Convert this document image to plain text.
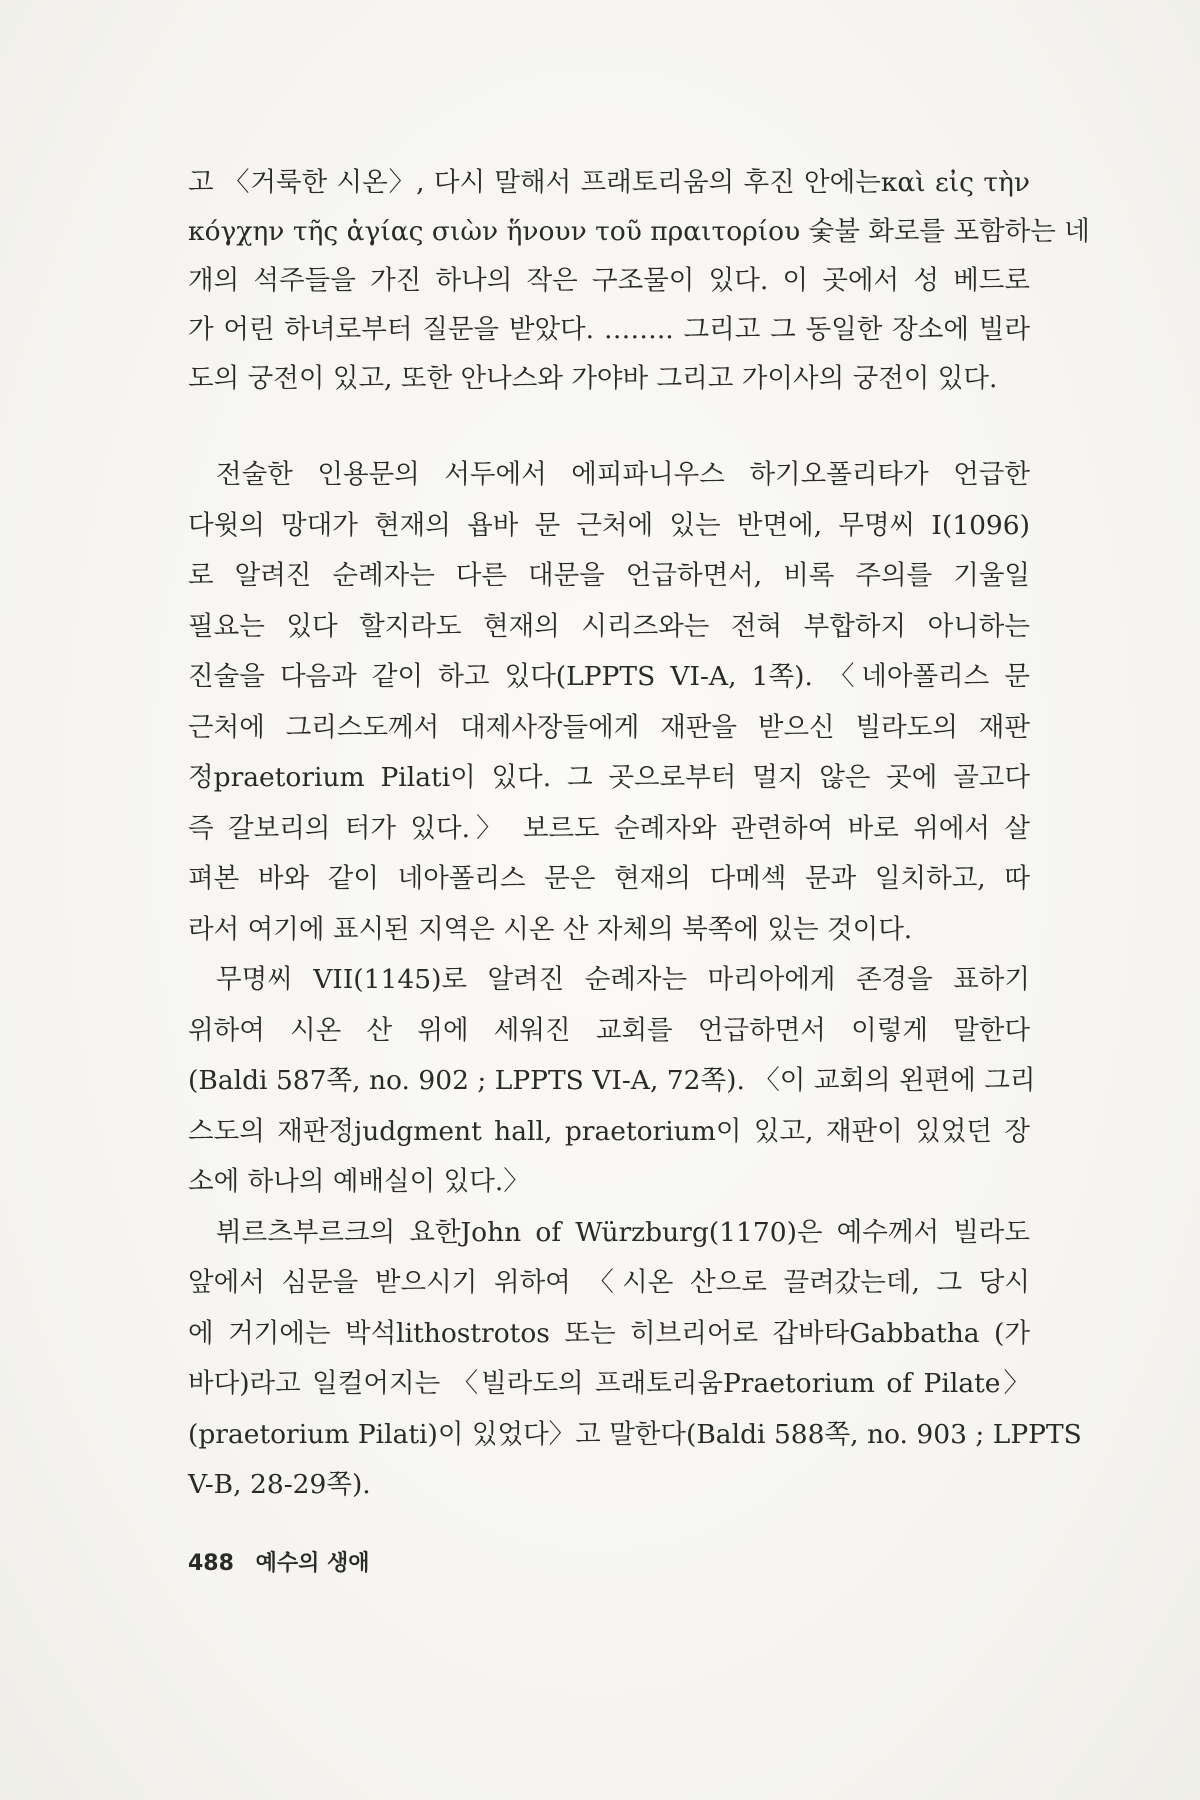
고 〈거룩한 시온〉, 다시 말해서 프래토리움의 후진 안에는καὶ εἰς τὴν
κόγχην τῆς ἁγίας σιὼν ἥνουν τοῦ πραιτορίου 숯불 화로를 포함하는 네
개의 석주들을 가진 하나의 작은 구조물이 있다. 이 곳에서 성 베드로
가 어린 하녀로부터 질문을 받았다. …….. 그리고 그 동일한 장소에 빌라
도의 궁전이 있고, 또한 안나스와 가야바 그리고 가이사의 궁전이 있다.
전술한 인용문의 서두에서 에피파니우스 하기오폴리타가 언급한
다윗의 망대가 현재의 욥바 문 근처에 있는 반면에, 무명씨 I(1096)
로 알려진 순례자는 다른 대문을 언급하면서, 비록 주의를 기울일
필요는 있다 할지라도 현재의 시리즈와는 전혀 부합하지 아니하는
진술을 다음과 같이 하고 있다(LPPTS VI-A, 1쪽). 〈네아폴리스 문
근처에 그리스도께서 대제사장들에게 재판을 받으신 빌라도의 재판
정praetorium Pilati이 있다. 그 곳으로부터 멀지 않은 곳에 골고다
즉 갈보리의 터가 있다.〉 보르도 순례자와 관련하여 바로 위에서 살
펴본 바와 같이 네아폴리스 문은 현재의 다메섹 문과 일치하고, 따
라서 여기에 표시된 지역은 시온 산 자체의 북쪽에 있는 것이다.
무명씨 VII(1145)로 알려진 순례자는 마리아에게 존경을 표하기
위하여 시온 산 위에 세워진 교회를 언급하면서 이렇게 말한다
(Baldi 587쪽, no. 902 ; LPPTS VI-A, 72쪽). 〈이 교회의 왼편에 그리
스도의 재판정judgment hall, praetorium이 있고, 재판이 있었던 장
소에 하나의 예배실이 있다.〉
뷔르츠부르크의 요한John of Würzburg(1170)은 예수께서 빌라도
앞에서 심문을 받으시기 위하여 〈시온 산으로 끌려갔는데, 그 당시
에 거기에는 박석lithostrotos 또는 히브리어로 갑바타Gabbatha (가
바다)라고 일컬어지는 〈빌라도의 프래토리움Praetorium of Pilate〉
(praetorium Pilati)이 있었다〉고 말한다(Baldi 588쪽, no. 903 ; LPPTS
V-B, 28-29쪽).
488 예수의 생애
